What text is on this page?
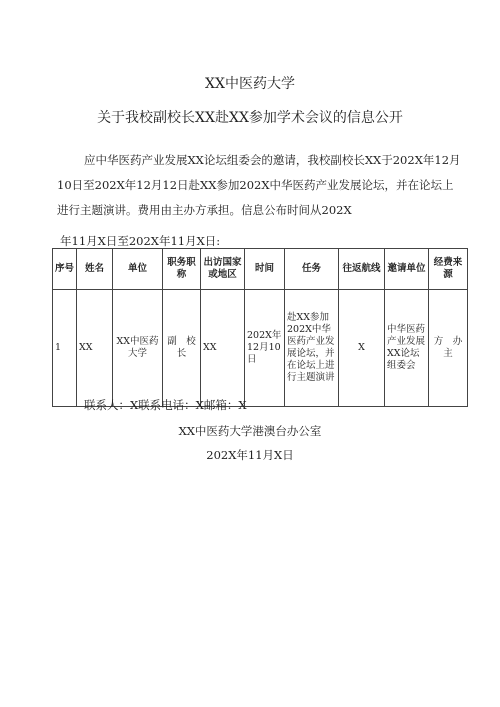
XX中医药大学
关于我校副校长XX赴XX参加学术会议的信息公开
应中华医药产业发展XX论坛组委会的邀请，我校副校长XX于202X年12月10日至202X年12月12日赴XX参加202X中华医药产业发展论坛，并在论坛上进行主题演讲。费用由主办方承担。信息公布时间从202X
年11月X日至202X年11月X日:
序号	姓名	单位	职务职称	出访国家或地区	时间	任务	往返航线	邀请单位	经费来源
1	XX	XX中医药大学	副　校长	XX	202X年12月10日	赴XX参加202X中华医药产业发展论坛，并在论坛上进行主题演讲	X	中华医药产业发展XX论坛组委会	方　办主
联系人：X联系电话：X邮箱：X
XX中医药大学港澳台办公室
202X年11月X日
